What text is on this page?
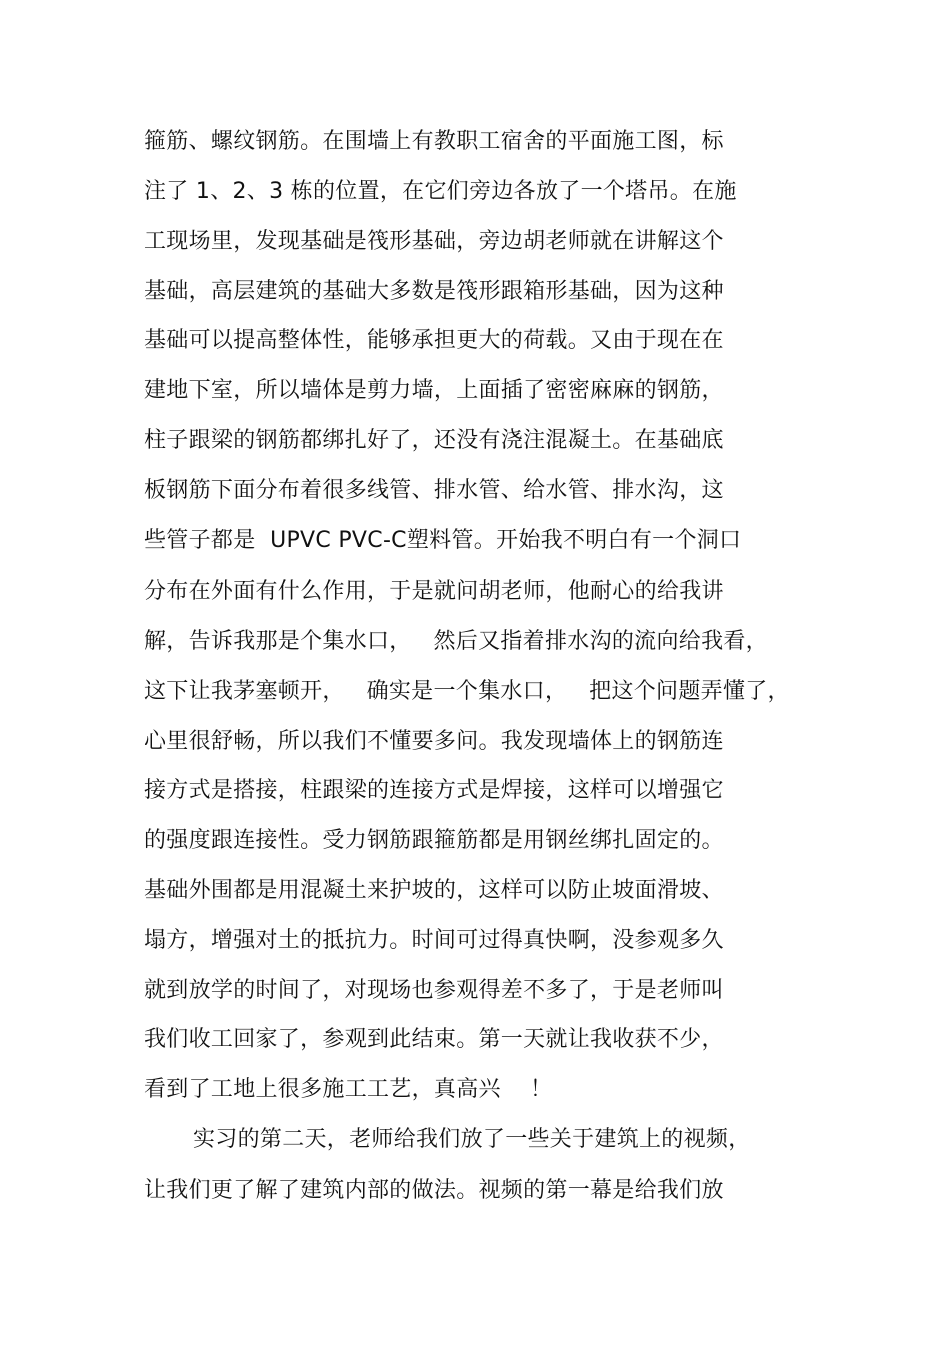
箍筋、螺纹钢筋。在围墙上有教职工宿舍的平面施工图，标
注了 1、2、3 栋的位置，在它们旁边各放了一个塔吊。在施
工现场里，发现基础是筏形基础，旁边胡老师就在讲解这个
基础，高层建筑的基础大多数是筏形跟箱形基础，因为这种
基础可以提高整体性，能够承担更大的荷载。又由于现在在
建地下室，所以墙体是剪力墙，上面插了密密麻麻的钢筋，
柱子跟梁的钢筋都绑扎好了，还没有浇注混凝土。在基础底
板钢筋下面分布着很多线管、排水管、给水管、排水沟，这
些管子都是  UPVC PVC-C塑料管。开始我不明白有一个洞口
分布在外面有什么作用，于是就问胡老师，他耐心的给我讲
解，告诉我那是个集水口，   然后又指着排水沟的流向给我看，
这下让我茅塞顿开，   确实是一个集水口，   把这个问题弄懂了，
心里很舒畅，所以我们不懂要多问。我发现墙体上的钢筋连
接方式是搭接，柱跟梁的连接方式是焊接，这样可以增强它
的强度跟连接性。受力钢筋跟箍筋都是用钢丝绑扎固定的。
基础外围都是用混凝土来护坡的，这样可以防止坡面滑坡、
塌方，增强对土的抵抗力。时间可过得真快啊，没参观多久
就到放学的时间了，对现场也参观得差不多了，于是老师叫
我们收工回家了，参观到此结束。第一天就让我收获不少，
看到了工地上很多施工工艺，真高兴    ！
实习的第二天，老师给我们放了一些关于建筑上的视频，
让我们更了解了建筑内部的做法。视频的第一幕是给我们放
